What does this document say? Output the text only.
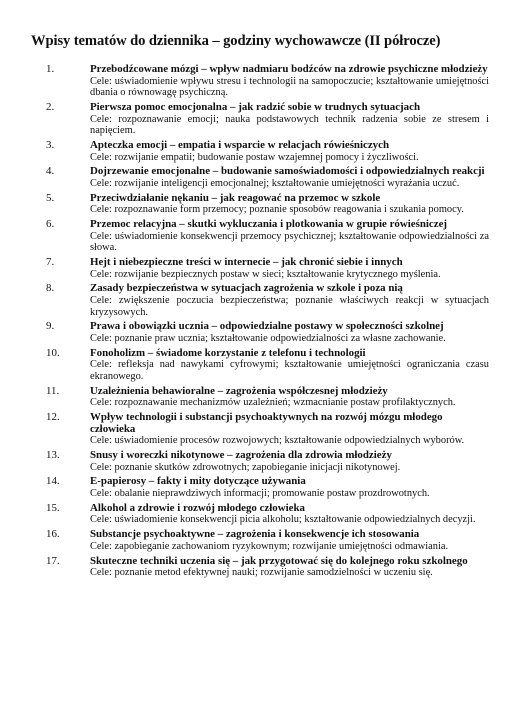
Wpisy tematów do dziennika – godziny wychowawcze (II półrocze)
1.	Przebodźcowane mózgi – wpływ nadmiaru bodźców na zdrowie psychiczne młodzieży
Cele: uświadomienie wpływu stresu i technologii na samopoczucie; kształtowanie umiejętności dbania o równowagę psychiczną.
2.	Pierwsza pomoc emocjonalna – jak radzić sobie w trudnych sytuacjach
Cele: rozpoznawanie emocji; nauka podstawowych technik radzenia sobie ze stresem i napięciem.
3.	Apteczka emocji – empatia i wsparcie w relacjach rówieśniczych
Cele: rozwijanie empatii; budowanie postaw wzajemnej pomocy i życzliwości.
4.	Dojrzewanie emocjonalne – budowanie samoświadomości i odpowiedzialnych reakcji
Cele: rozwijanie inteligencji emocjonalnej; kształtowanie umiejętności wyrażania uczuć.
5.	Przeciwdziałanie nękaniu – jak reagować na przemoc w szkole
Cele: rozpoznawanie form przemocy; poznanie sposobów reagowania i szukania pomocy.
6.	Przemoc relacyjna – skutki wykluczania i plotkowania w grupie rówieśniczej
Cele: uświadomienie konsekwencji przemocy psychicznej; kształtowanie odpowiedzialności za słowa.
7.	Hejt i niebezpieczne treści w internecie – jak chronić siebie i innych
Cele: rozwijanie bezpiecznych postaw w sieci; kształtowanie krytycznego myślenia.
8.	Zasady bezpieczeństwa w sytuacjach zagrożenia w szkole i poza nią
Cele: zwiększenie poczucia bezpieczeństwa; poznanie właściwych reakcji w sytuacjach kryzysowych.
9.	Prawa i obowiązki ucznia – odpowiedzialne postawy w społeczności szkolnej
Cele: poznanie praw ucznia; kształtowanie odpowiedzialności za własne zachowanie.
10.	Fonoholizm – świadome korzystanie z telefonu i technologii
Cele: refleksja nad nawykami cyfrowymi; kształtowanie umiejętności ograniczania czasu ekranowego.
11.	Uzależnienia behawioralne – zagrożenia współczesnej młodzieży
Cele: rozpoznawanie mechanizmów uzależnień; wzmacnianie postaw profilaktycznych.
12.	Wpływ technologii i substancji psychoaktywnych na rozwój mózgu młodego człowieka
Cele: uświadomienie procesów rozwojowych; kształtowanie odpowiedzialnych wyborów.
13.	Snusy i woreczki nikotynowe – zagrożenia dla zdrowia młodzieży
Cele: poznanie skutków zdrowotnych; zapobieganie inicjacji nikotynowej.
14.	E-papierosy – fakty i mity dotyczące używania
Cele: obalanie nieprawdziwych informacji; promowanie postaw prozdrowotnych.
15.	Alkohol a zdrowie i rozwój młodego człowieka
Cele: uświadomienie konsekwencji picia alkoholu; kształtowanie odpowiedzialnych decyzji.
16.	Substancje psychoaktywne – zagrożenia i konsekwencje ich stosowania
Cele: zapobieganie zachowaniom ryzykownym; rozwijanie umiejętności odmawiania.
17.	Skuteczne techniki uczenia się – jak przygotować się do kolejnego roku szkolnego
Cele: poznanie metod efektywnej nauki; rozwijanie samodzielności w uczeniu się.
